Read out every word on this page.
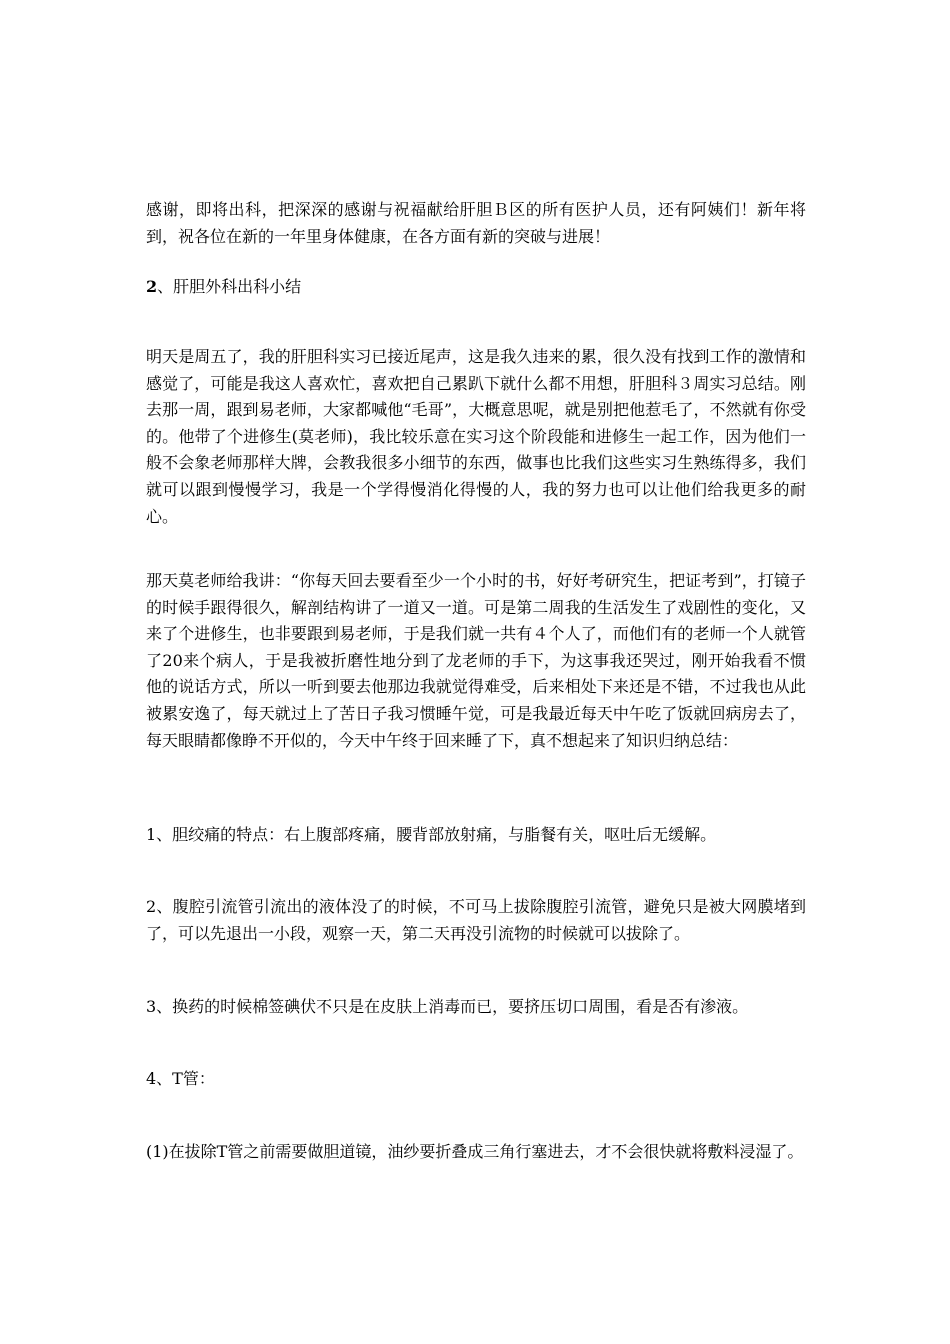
感谢，即将出科，把深深的感谢与祝福献给肝胆Ｂ区的所有医护人员，还有阿姨们！新年将到，祝各位在新的一年里身体健康，在各方面有新的突破与进展！

2、肝胆外科出科小结

明天是周五了，我的肝胆科实习已接近尾声，这是我久违来的累，很久没有找到工作的激情和感觉了，可能是我这人喜欢忙，喜欢把自己累趴下就什么都不用想，肝胆科３周实习总结。刚去那一周，跟到易老师，大家都喊他“毛哥”，大概意思呢，就是别把他惹毛了，不然就有你受的。他带了个进修生(莫老师)，我比较乐意在实习这个阶段能和进修生一起工作，因为他们一般不会象老师那样大牌，会教我很多小细节的东西，做事也比我们这些实习生熟练得多，我们就可以跟到慢慢学习，我是一个学得慢消化得慢的人，我的努力也可以让他们给我更多的耐心。

那天莫老师给我讲：“你每天回去要看至少一个小时的书，好好考研究生，把证考到”，打镜子的时候手跟得很久，解剖结构讲了一道又一道。可是第二周我的生活发生了戏剧性的变化，又来了个进修生，也非要跟到易老师，于是我们就一共有４个人了，而他们有的老师一个人就管了20来个病人，于是我被折磨性地分到了龙老师的手下，为这事我还哭过，刚开始我看不惯他的说话方式，所以一听到要去他那边我就觉得难受，后来相处下来还是不错，不过我也从此被累安逸了，每天就过上了苦日子我习惯睡午觉，可是我最近每天中午吃了饭就回病房去了，每天眼睛都像睁不开似的，今天中午终于回来睡了下，真不想起来了知识归纳总结：

1、胆绞痛的特点：右上腹部疼痛，腰背部放射痛，与脂餐有关，呕吐后无缓解。

2、腹腔引流管引流出的液体没了的时候，不可马上拔除腹腔引流管，避免只是被大网膜堵到了，可以先退出一小段，观察一天，第二天再没引流物的时候就可以拔除了。

3、换药的时候棉签碘伏不只是在皮肤上消毒而已，要挤压切口周围，看是否有渗液。

4、T管：

(1)在拔除T管之前需要做胆道镜，油纱要折叠成三角行塞进去，才不会很快就将敷料浸湿了。
